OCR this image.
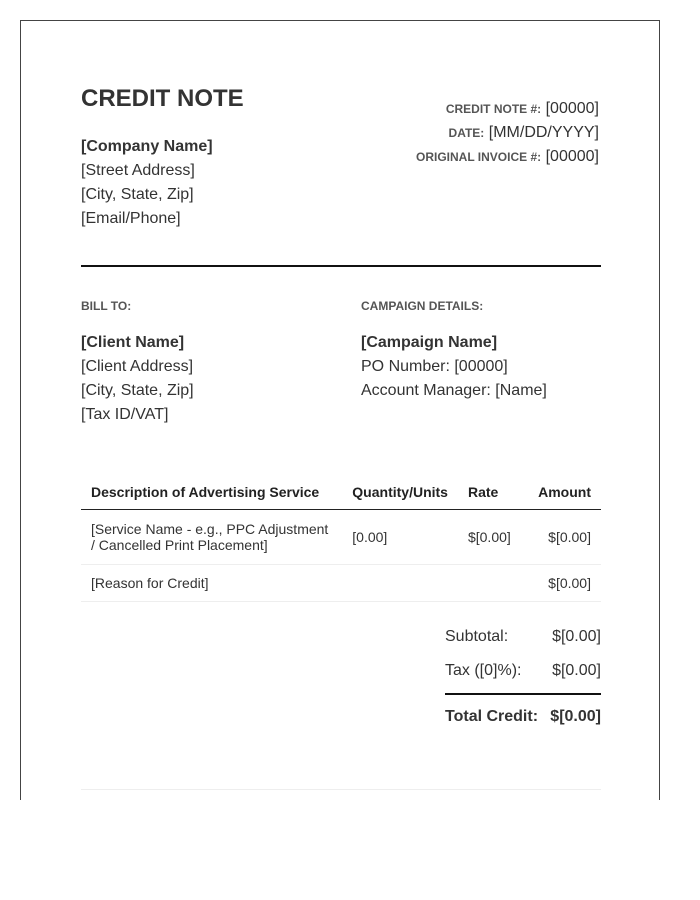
CREDIT NOTE
[Company Name]
[Street Address]
[City, State, Zip]
[Email/Phone]
CREDIT NOTE #: [00000]
DATE: [MM/DD/YYYY]
ORIGINAL INVOICE #: [00000]
BILL TO:	CAMPAIGN DETAILS:
[Client Name]
[Client Address]
[City, State, Zip]
[Tax ID/VAT]
[Campaign Name]
PO Number: [00000]
Account Manager: [Name]
Description of Advertising Service	Quantity/Units	Rate	Amount
[Service Name - e.g., PPC Adjustment / Cancelled Print Placement]	[0.00]	$[0.00]	$[0.00]
[Reason for Credit]			$[0.00]
Subtotal:	$[0.00]
Tax ([0]%): $[0.00]
Total Credit: $[0.00]
